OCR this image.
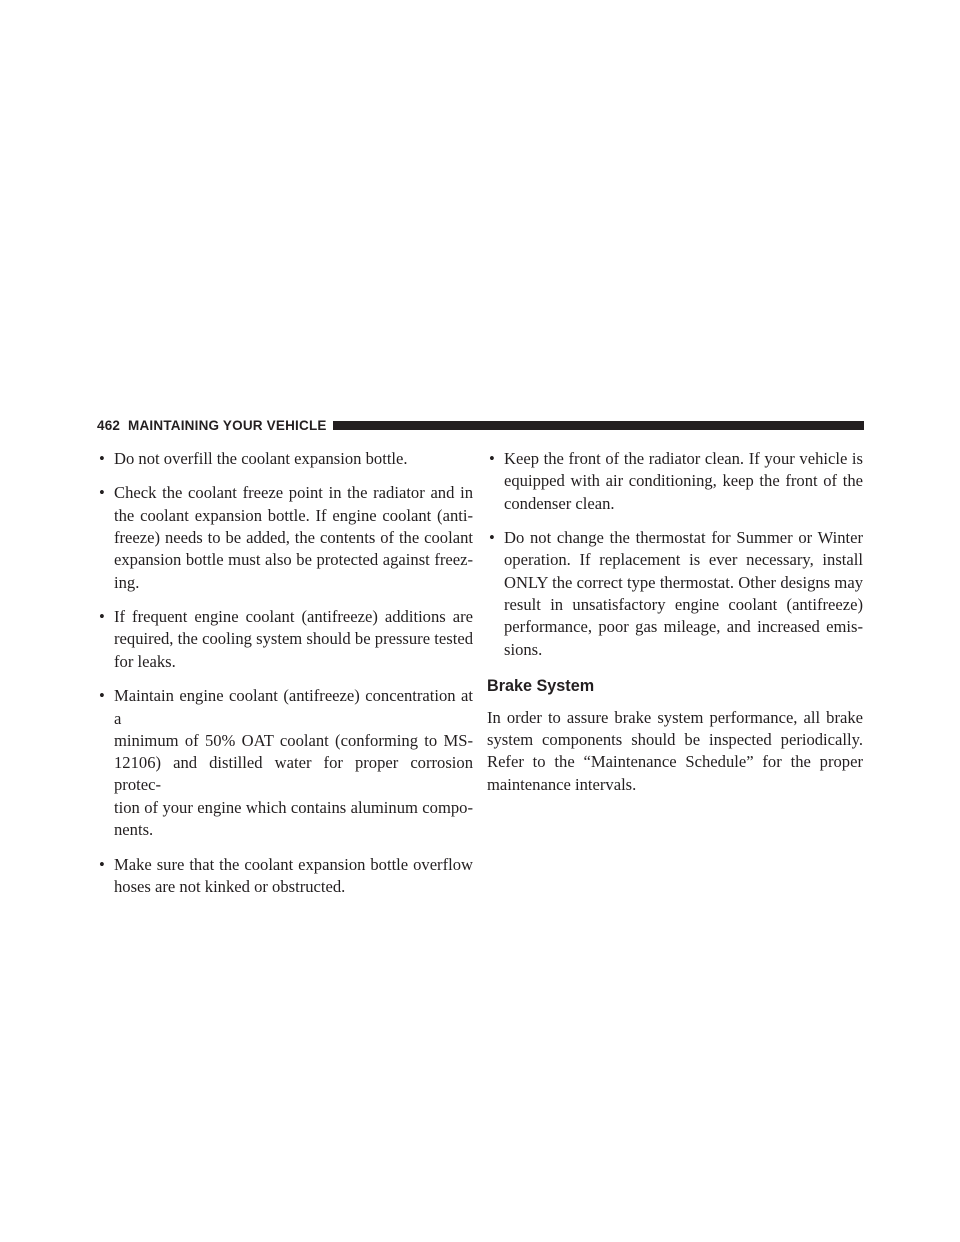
462
MAINTAINING YOUR VEHICLE
• Do not overfill the coolant expansion bottle.
• Check the coolant freeze point in the radiator and in
the coolant expansion bottle. If engine coolant (anti-
freeze) needs to be added, the contents of the coolant
expansion bottle must also be protected against freez-
ing.
• If frequent engine coolant (antifreeze) additions are
required, the cooling system should be pressure tested
for leaks.
• Maintain engine coolant (antifreeze) concentration at a
minimum of 50% OAT coolant (conforming to MS-
12106) and distilled water for proper corrosion protec-
tion of your engine which contains aluminum compo-
nents.
• Make sure that the coolant expansion bottle overflow
hoses are not kinked or obstructed.
• Keep the front of the radiator clean. If your vehicle is
equipped with air conditioning, keep the front of the
condenser clean.
• Do not change the thermostat for Summer or Winter
operation. If replacement is ever necessary, install
ONLY the correct type thermostat. Other designs may
result in unsatisfactory engine coolant (antifreeze)
performance, poor gas mileage, and increased emis-
sions.
Brake System

In order to assure brake system performance, all brake
system components should be inspected periodically.
Refer to the “Maintenance Schedule” for the proper
maintenance intervals.
